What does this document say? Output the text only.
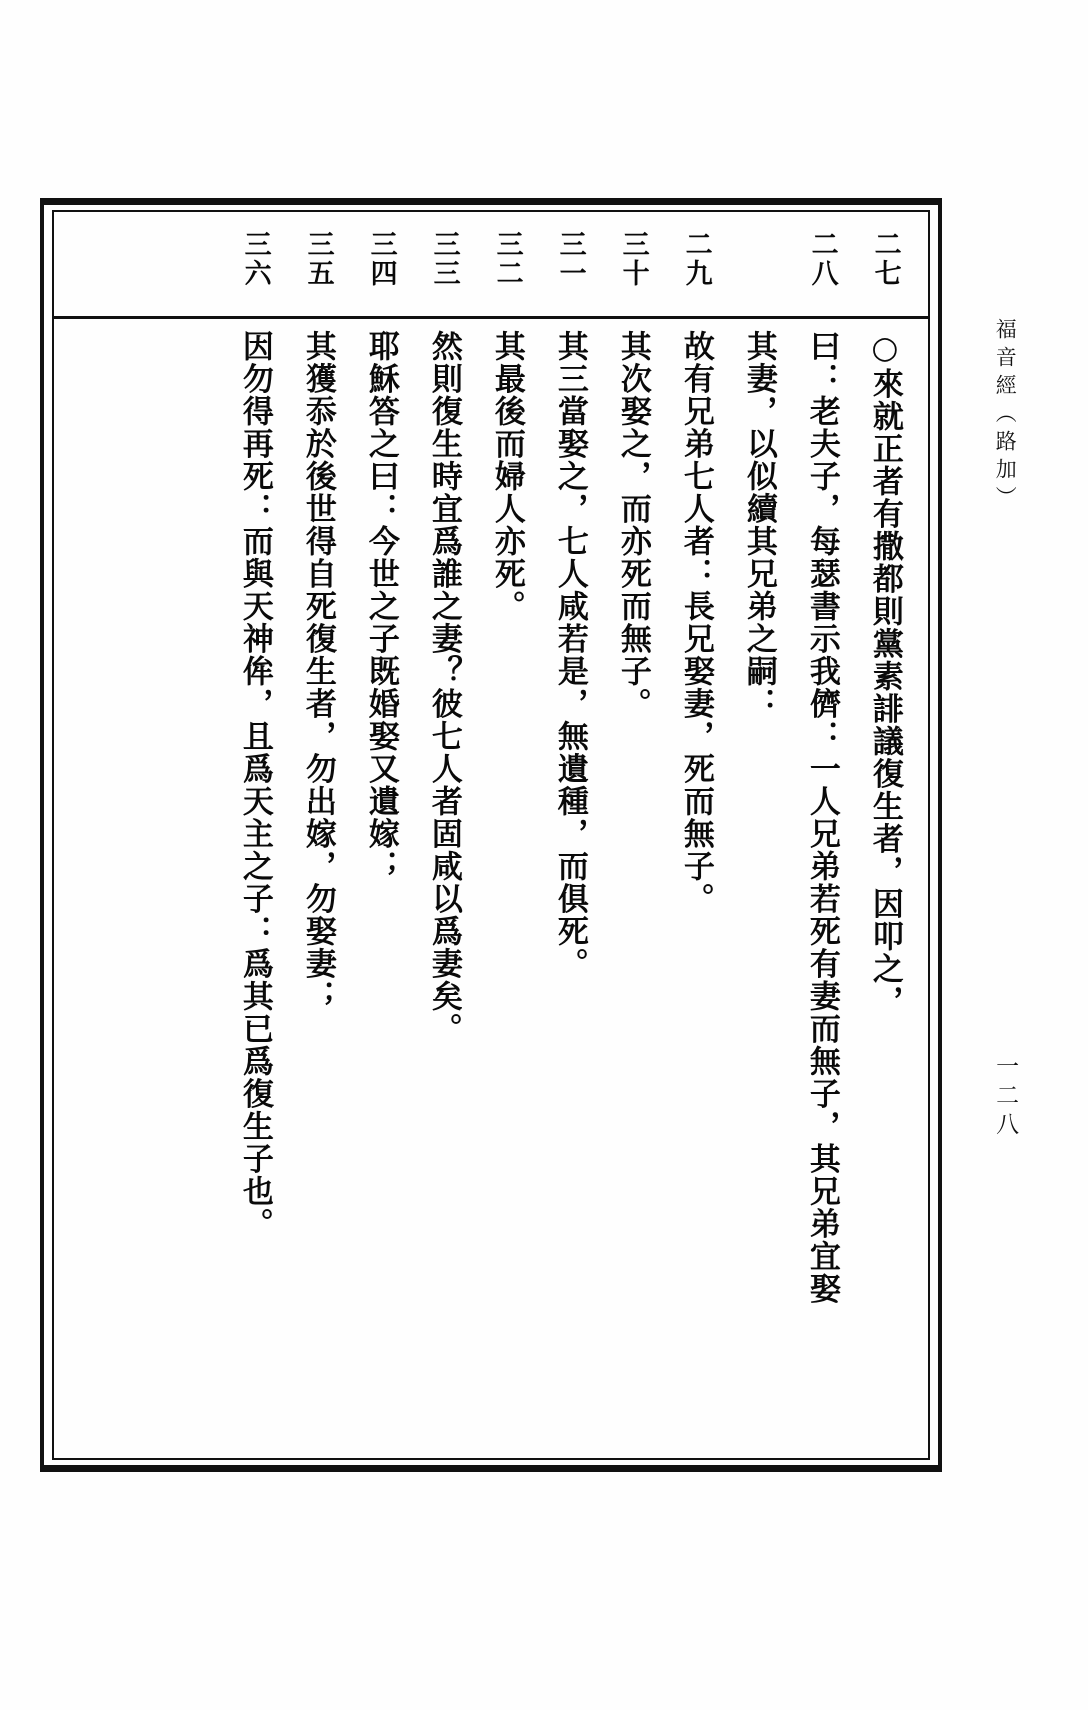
福音經（路加）
一二八
二七
○來就正者有撒都則黨素誹議復生者，因叩之，
二八
曰：老夫子，每瑟書示我儕：一人兄弟若死有妻而無子，其兄弟宜娶
其妻，以似續其兄弟之嗣：
二九
故有兄弟七人者：長兄娶妻，死而無子。
三十
其次娶之，而亦死而無子。
三一
其三當娶之，七人咸若是，無遺種，而俱死。
三二
其最後而婦人亦死。
三三
然則復生時宜爲誰之妻？彼七人者固咸以爲妻矣。
三四
耶穌答之曰：今世之子既婚娶又遺嫁；
三五
其獲忝於後世得自死復生者，勿出嫁，勿娶妻；
三六
因勿得再死：而與天神侔，且爲天主之子：爲其已爲復生子也。
